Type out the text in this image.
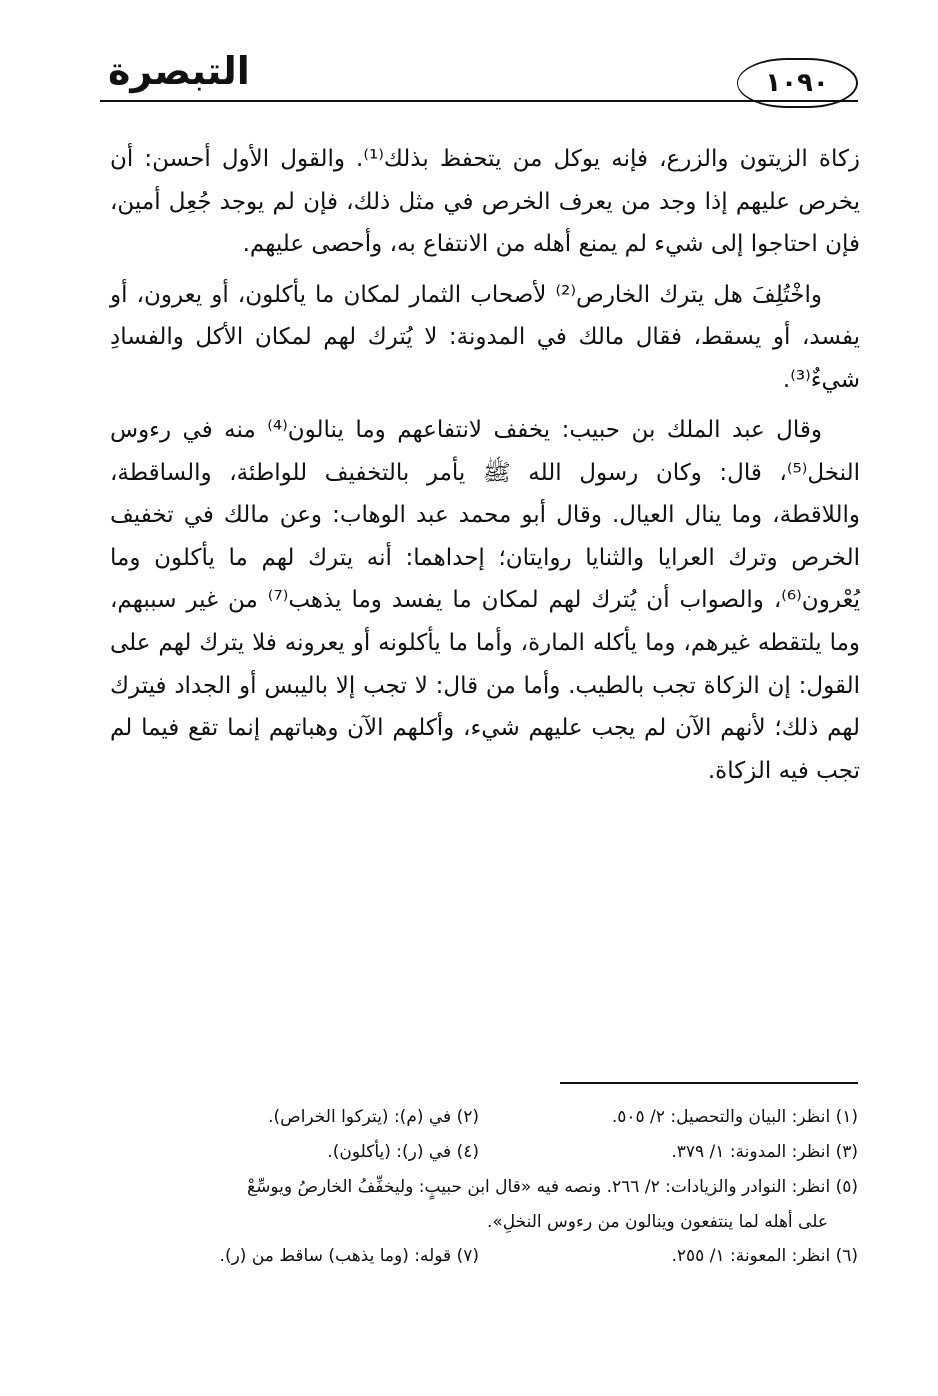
التبصرة	١٠٩٠

زكاة الزيتون والزرع، فإنه يوكل من يتحفظ بذلك⁽¹⁾. والقول الأول أحسن: أن يخرص عليهم إذا وجد من يعرف الخرص في مثل ذلك، فإن لم يوجد جُعِل أمين، فإن احتاجوا إلى شيء لم يمنع أهله من الانتفاع به، وأحصى عليهم.

واخْتُلِفَ هل يترك الخارص⁽²⁾ لأصحاب الثمار لمكان ما يأكلون، أو يعرون، أو يفسد، أو يسقط، فقال مالك في المدونة: لا يُترك لهم لمكان الأكل والفسادِ شيءٌ⁽³⁾.

وقال عبد الملك بن حبيب: يخفف لانتفاعهم وما ينالون⁽⁴⁾ منه في رءوس النخل⁽⁵⁾، قال: وكان رسول الله ﷺ يأمر بالتخفيف للواطئة، والساقطة، واللاقطة، وما ينال العيال. وقال أبو محمد عبد الوهاب: وعن مالك في تخفيف الخرص وترك العرايا والثنايا روايتان؛ إحداهما: أنه يترك لهم ما يأكلون وما يُعْرون⁽⁶⁾، والصواب أن يُترك لهم لمكان ما يفسد وما يذهب⁽⁷⁾ من غير سببهم، وما يلتقطه غيرهم، وما يأكله المارة، وأما ما يأكلونه أو يعرونه فلا يترك لهم على القول: إن الزكاة تجب بالطيب. وأما من قال: لا تجب إلا باليبس أو الجداد فيترك لهم ذلك؛ لأنهم الآن لم يجب عليهم شيء، وأكلهم الآن وهباتهم إنما تقع فيما لم تجب فيه الزكاة.

(١) انظر: البيان والتحصيل: ٢/ ٥٠٥.
(٢) في (م): (يتركوا الخراص).
(٣) انظر: المدونة: ١/ ٣٧٩.
(٤) في (ر): (يأكلون).
(٥) انظر: النوادر والزيادات: ٢/ ٢٦٦. ونصه فيه «قال ابن حبيبٍ: وليخفِّفُ الخارصُ ويوسِّعْ
على أهله لما ينتفعون وينالون من رءوس النخلِ».
(٦) انظر: المعونة: ١/ ٢٥٥.
(٧) قوله: (وما يذهب) ساقط من (ر).
